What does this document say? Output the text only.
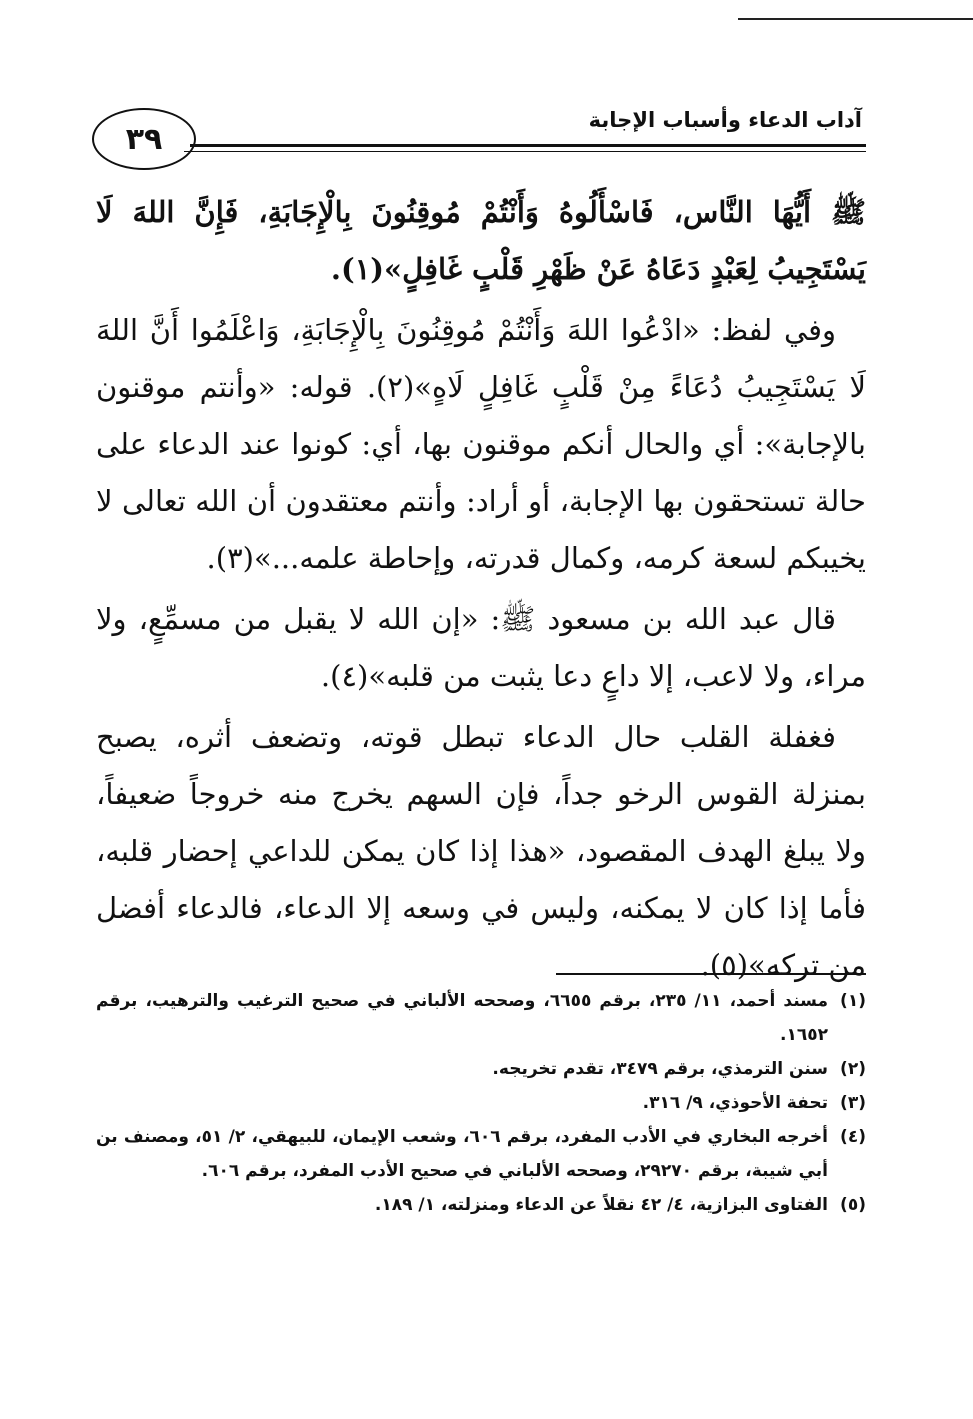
٣٩
آداب الدعاء وأسباب الإجابة

ﷺ أَيُّهَا النَّاس، فَاسْأَلُوهُ وَأَنْتُمْ مُوقِنُونَ بِالْإِجَابَةِ، فَإِنَّ اللهَ لَا يَسْتَجِيبُ لِعَبْدٍ دَعَاهُ عَنْ ظَهْرِ قَلْبٍ غَافِلٍ»(١).

وفي لفظ: «ادْعُوا اللهَ وَأَنْتُمْ مُوقِنُونَ بِالْإِجَابَةِ، وَاعْلَمُوا أَنَّ اللهَ لَا يَسْتَجِيبُ دُعَاءً مِنْ قَلْبٍ غَافِلٍ لَاهٍ»(٢). قوله: «وأنتم موقنون بالإجابة»: أي والحال أنكم موقنون بها، أي: كونوا عند الدعاء على حالة تستحقون بها الإجابة، أو أراد: وأنتم معتقدون أن الله تعالى لا يخيبكم لسعة كرمه، وكمال قدرته، وإحاطة علمه...»(٣).

قال عبد الله بن مسعود ﷺ: «إن الله لا يقبل من مسمِّعٍ، ولا مراء، ولا لاعب، إلا داعٍ دعا يثبت من قلبه»(٤).

فغفلة القلب حال الدعاء تبطل قوته، وتضعف أثره، يصبح بمنزلة القوس الرخو جداً، فإن السهم يخرج منه خروجاً ضعيفاً، ولا يبلغ الهدف المقصود، «هذا إذا كان يمكن للداعي إحضار قلبه، فأما إذا كان لا يمكنه، وليس في وسعه إلا الدعاء، فالدعاء أفضل من تركه»(٥).

(١)
مسند أحمد، ١١/ ٢٣٥، برقم ٦٦٥٥، وصححه الألباني في صحيح الترغيب والترهيب، برقم ١٦٥٢.
(٢)
سنن الترمذي، برقم ٣٤٧٩، تقدم تخريجه.
(٣)
تحفة الأحوذي، ٩/ ٣١٦.
(٤)
أخرجه البخاري في الأدب المفرد، برقم ٦٠٦، وشعب الإيمان، للبيهقي، ٢/ ٥١، ومصنف بن أبي شيبة، برقم ٢٩٢٧٠، وصححه الألباني في صحيح الأدب المفرد، برقم ٦٠٦.
(٥)
الفتاوى البزازية، ٤/ ٤٢ نقلاً عن الدعاء ومنزلته، ١/ ١٨٩.
